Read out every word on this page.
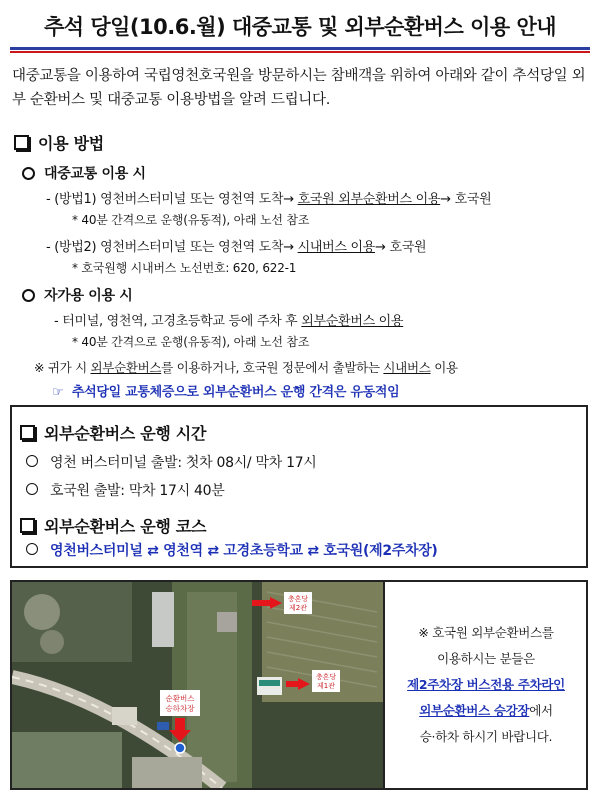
추석 당일(10.6.월) 대중교통 및 외부순환버스 이용 안내
대중교통을 이용하여 국립영천호국원을 방문하시는 참배객을 위하여 아래와 같이 추석당일 외부 순환버스 및 대중교통 이용방법을 알려 드립니다.
이용 방법
대중교통 이용 시
- (방법1) 영천버스터미널 또는 영천역 도착→ 호국원 외부순환버스 이용→ 호국원
* 40분 간격으로 운행(유동적), 아래 노선 참조
- (방법2) 영천버스터미널 또는 영천역 도착→ 시내버스 이용→ 호국원
* 호국원행 시내버스 노선번호: 620, 622-1
자가용 이용 시
- 터미널, 영천역, 고경초등학교 등에 주차 후 외부순환버스 이용
* 40분 간격으로 운행(유동적), 아래 노선 참조
※ 귀가 시 외부순환버스를 이용하거나, 호국원 정문에서 출발하는 시내버스 이용
☞ 추석당일 교통체증으로 외부순환버스 운행 간격은 유동적임
외부순환버스 운행 시간
영천 버스터미널 출발: 첫차 08시/ 막차 17시
호국원 출발: 막차 17시 40분
외부순환버스 운행 코스
영천버스터미널 ⇄ 영천역 ⇄ 고경초등학교 ⇄ 호국원(제2주차장)
충혼당
제2관
충혼당
제1관
순환버스
승하차장
※ 호국원 외부순환버스를
이용하시는 분들은
제2주차장 버스전용 주차라인
외부순환버스 승강장에서
승·하차 하시기 바랍니다.
